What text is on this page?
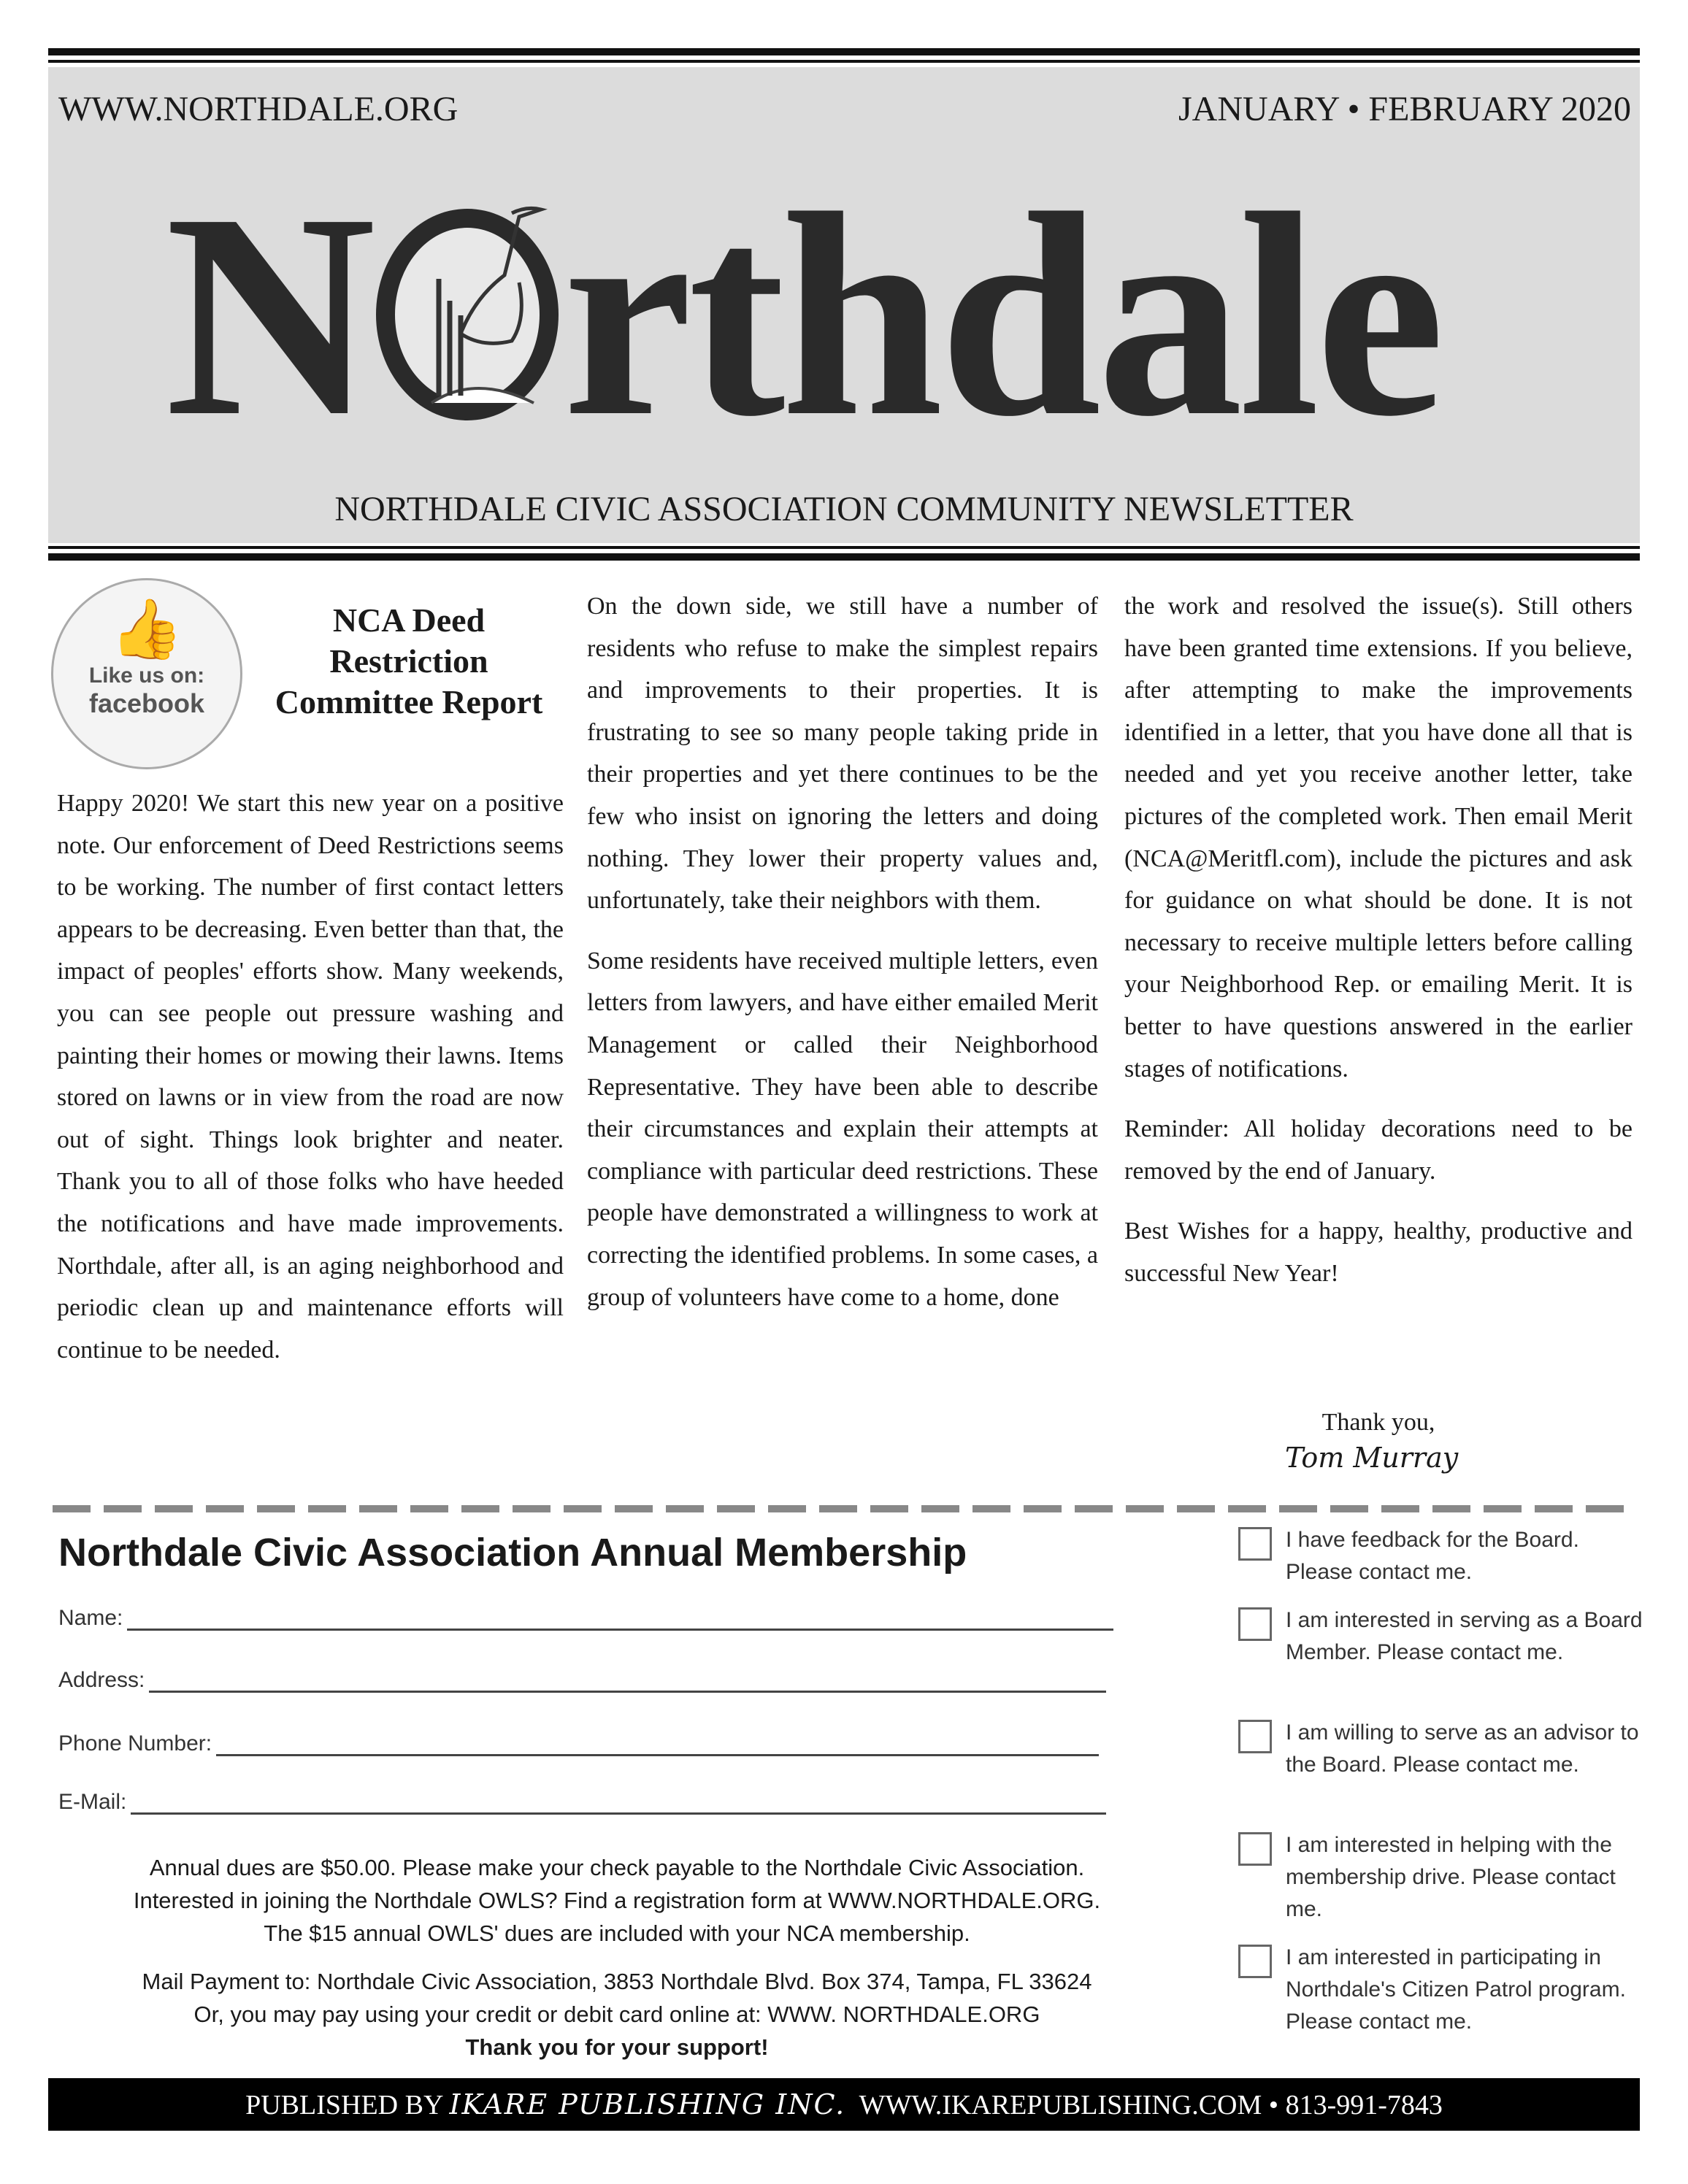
WWW.NORTHDALE.ORG	JANUARY • FEBRUARY 2020
N rthdale
NORTHDALE CIVIC ASSOCIATION COMMUNITY NEWSLETTER
👍
Like us on:
facebook
NCA Deed Restriction Committee Report

Happy 2020! We start this new year on a positive note. Our enforcement of Deed Restrictions seems to be working. The number of first contact letters appears to be decreasing. Even better than that, the impact of peoples' efforts show. Many weekends, you can see people out pressure washing and painting their homes or mowing their lawns. Items stored on lawns or in view from the road are now out of sight. Things look brighter and neater. Thank you to all of those folks who have heeded the notifications and have made improvements. Northdale, after all, is an aging neighborhood and periodic clean up and maintenance efforts will continue to be needed.

On the down side, we still have a number of residents who refuse to make the simplest repairs and improvements to their properties. It is frustrating to see so many people taking pride in their properties and yet there continues to be the few who insist on ignoring the letters and doing nothing. They lower their property values and, unfortunately, take their neighbors with them.

Some residents have received multiple letters, even letters from lawyers, and have either emailed Merit Management or called their Neighborhood Representative. They have been able to describe their circumstances and explain their attempts at compliance with particular deed restrictions. These people have demonstrated a willingness to work at correcting the identified problems. In some cases, a group of volunteers have come to a home, done

the work and resolved the issue(s). Still others have been granted time extensions. If you believe, after attempting to make the improvements identified in a letter, that you have done all that is needed and yet you receive another letter, take pictures of the completed work. Then email Merit (NCA@Meritfl.com), include the pictures and ask for guidance on what should be done. It is not necessary to receive multiple letters before calling your Neighborhood Rep. or emailing Merit. It is better to have questions answered in the earlier stages of notifications.

Reminder: All holiday decorations need to be removed by the end of January.

Best Wishes for a happy, healthy, productive and successful New Year!

Thank you,
Tom Murray
Northdale Civic Association Annual Membership
Name:
Address:
Phone Number:
E-Mail:
Annual dues are $50.00. Please make your check payable to the Northdale Civic Association.
Interested in joining the Northdale OWLS? Find a registration form at WWW.NORTHDALE.ORG.
The $15 annual OWLS' dues are included with your NCA membership.
Mail Payment to: Northdale Civic Association, 3853 Northdale Blvd. Box 374, Tampa, FL 33624
Or, you may pay using your credit or debit card online at: WWW. NORTHDALE.ORG
Thank you for your support!
I have feedback for the Board. Please contact me.
I am interested in serving as a Board Member. Please contact me.
I am willing to serve as an advisor to the Board. Please contact me.
I am interested in helping with the membership drive. Please contact me.
I am interested in participating in Northdale's Citizen Patrol program. Please contact me.
PUBLISHED BY IKARE PUBLISHING INC. WWW.IKAREPUBLISHING.COM • 813-991-7843
